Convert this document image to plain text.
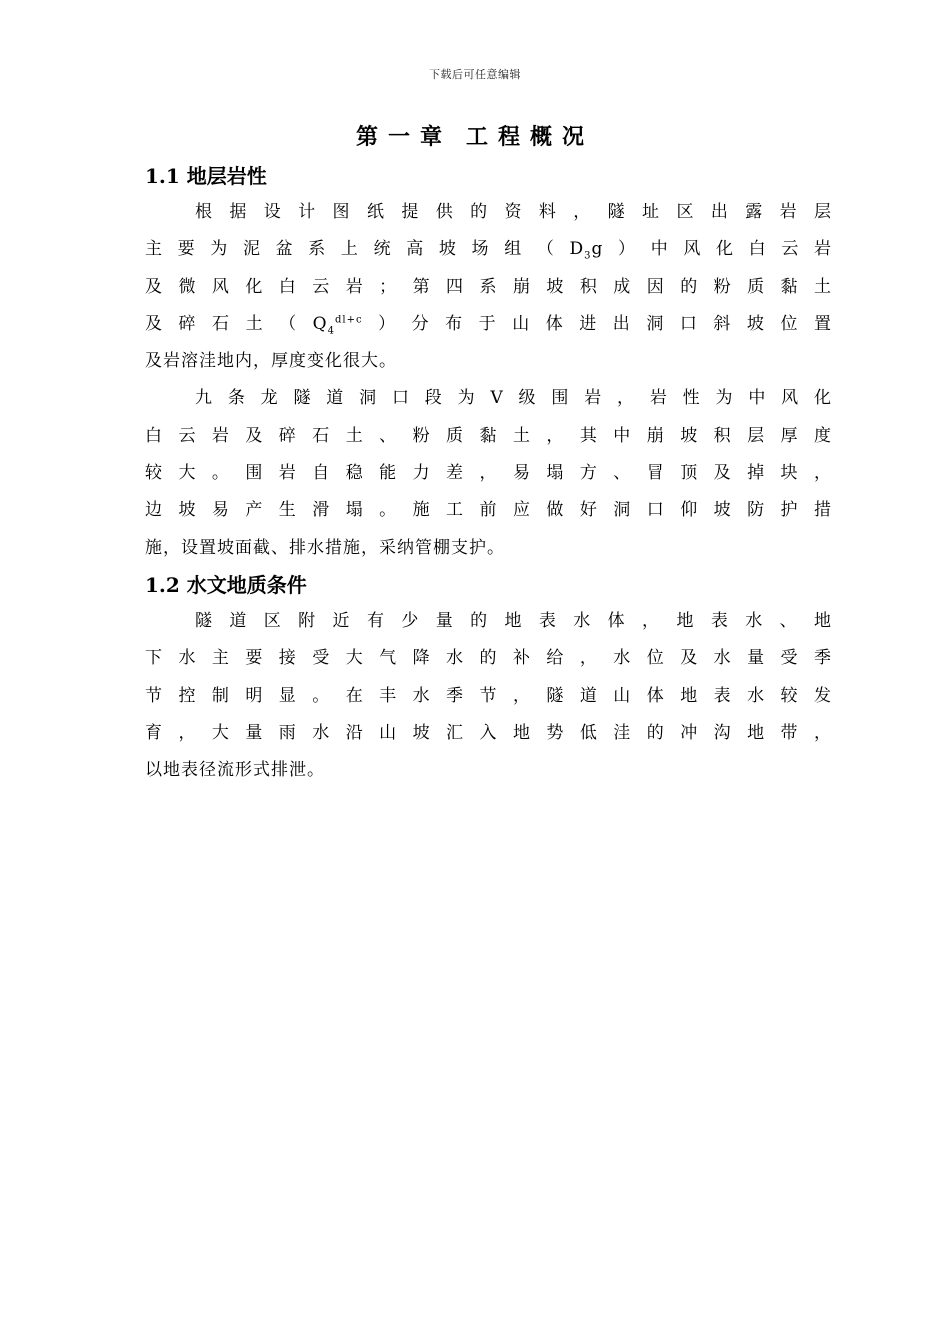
下载后可任意编辑
第一章 工程概况
1.1 地层岩性
根据设计图纸提供的资料，隧址区出露岩层
主要为泥盆系上统高坡场组$(D_3g)$中风化白云岩
及微风化白云岩；第四系崩坡积成因的粉质黏土
及碎石土$(Q_4^{dl+c})$分布于山体进出洞口斜坡位置
及岩溶洼地内，厚度变化很大。
九条龙隧道洞口段为Ⅴ级围岩，岩性为中风化
白云岩及碎石土、粉质黏土，其中崩坡积层厚度
较大。围岩自稳能力差，易塌方、冒顶及掉块，
边坡易产生滑塌。施工前应做好洞口仰坡防护措
施，设置坡面截、排水措施，采纳管棚支护。
1.2 水文地质条件
隧道区附近有少量的地表水体，地表水、地
下水主要接受大气降水的补给，水位及水量受季
节控制明显。在丰水季节，隧道山体地表水较发
育，大量雨水沿山坡汇入地势低洼的冲沟地带，
以地表径流形式排泄。
